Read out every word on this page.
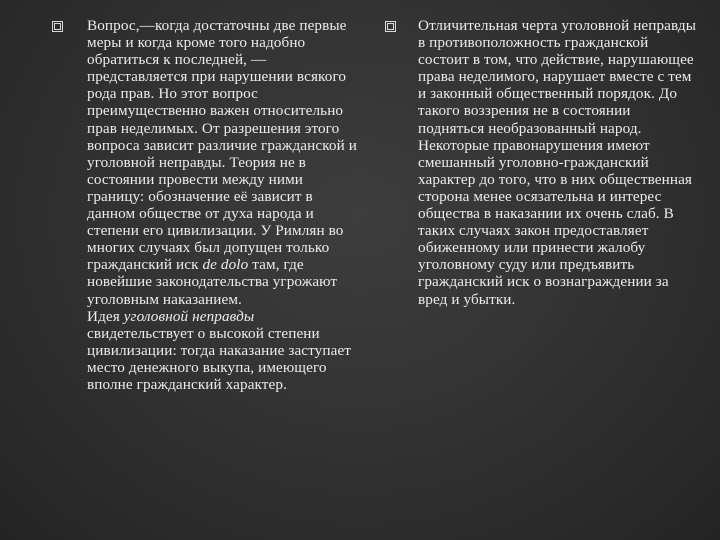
Вопрос,—когда достаточны две первые меры и когда кроме того надобно обратиться к последней, —представляется при нарушении всякого рода прав. Но этот вопрос преимущественно важен относительно прав неделимых. От разрешения этого вопроса зависит различие гражданской и уголовной неправды. Теория не в состоянии провести между ними границу: обозначение её зависит в данном обществе от духа народа и степени его цивилизации. У Римлян во многих случаях был допущен только гражданский иск de dolo там, где новейшие законодательства угрожают уголовным наказанием.
Идея уголовной неправды свидетельствует о высокой степени цивилизации: тогда наказание заступает место денежного выкупа, имеющего вполне гражданский характер.

Отличительная черта уголовной неправды в противоположность гражданской состоит в том, что действие, нарушающее права неделимого, нарушает вместе с тем и законный общественный порядок. До такого воззрения не в состоянии подняться необразованный народ. Некоторые правонарушения имеют смешанный уголовно-гражданский характер до того, что в них общественная сторона менее осязательна и интерес общества в наказании их очень слаб. В таких случаях закон предоставляет обиженному или принести жалобу уголовному суду или предъявить гражданский иск о вознаграждении за вред и убытки.
